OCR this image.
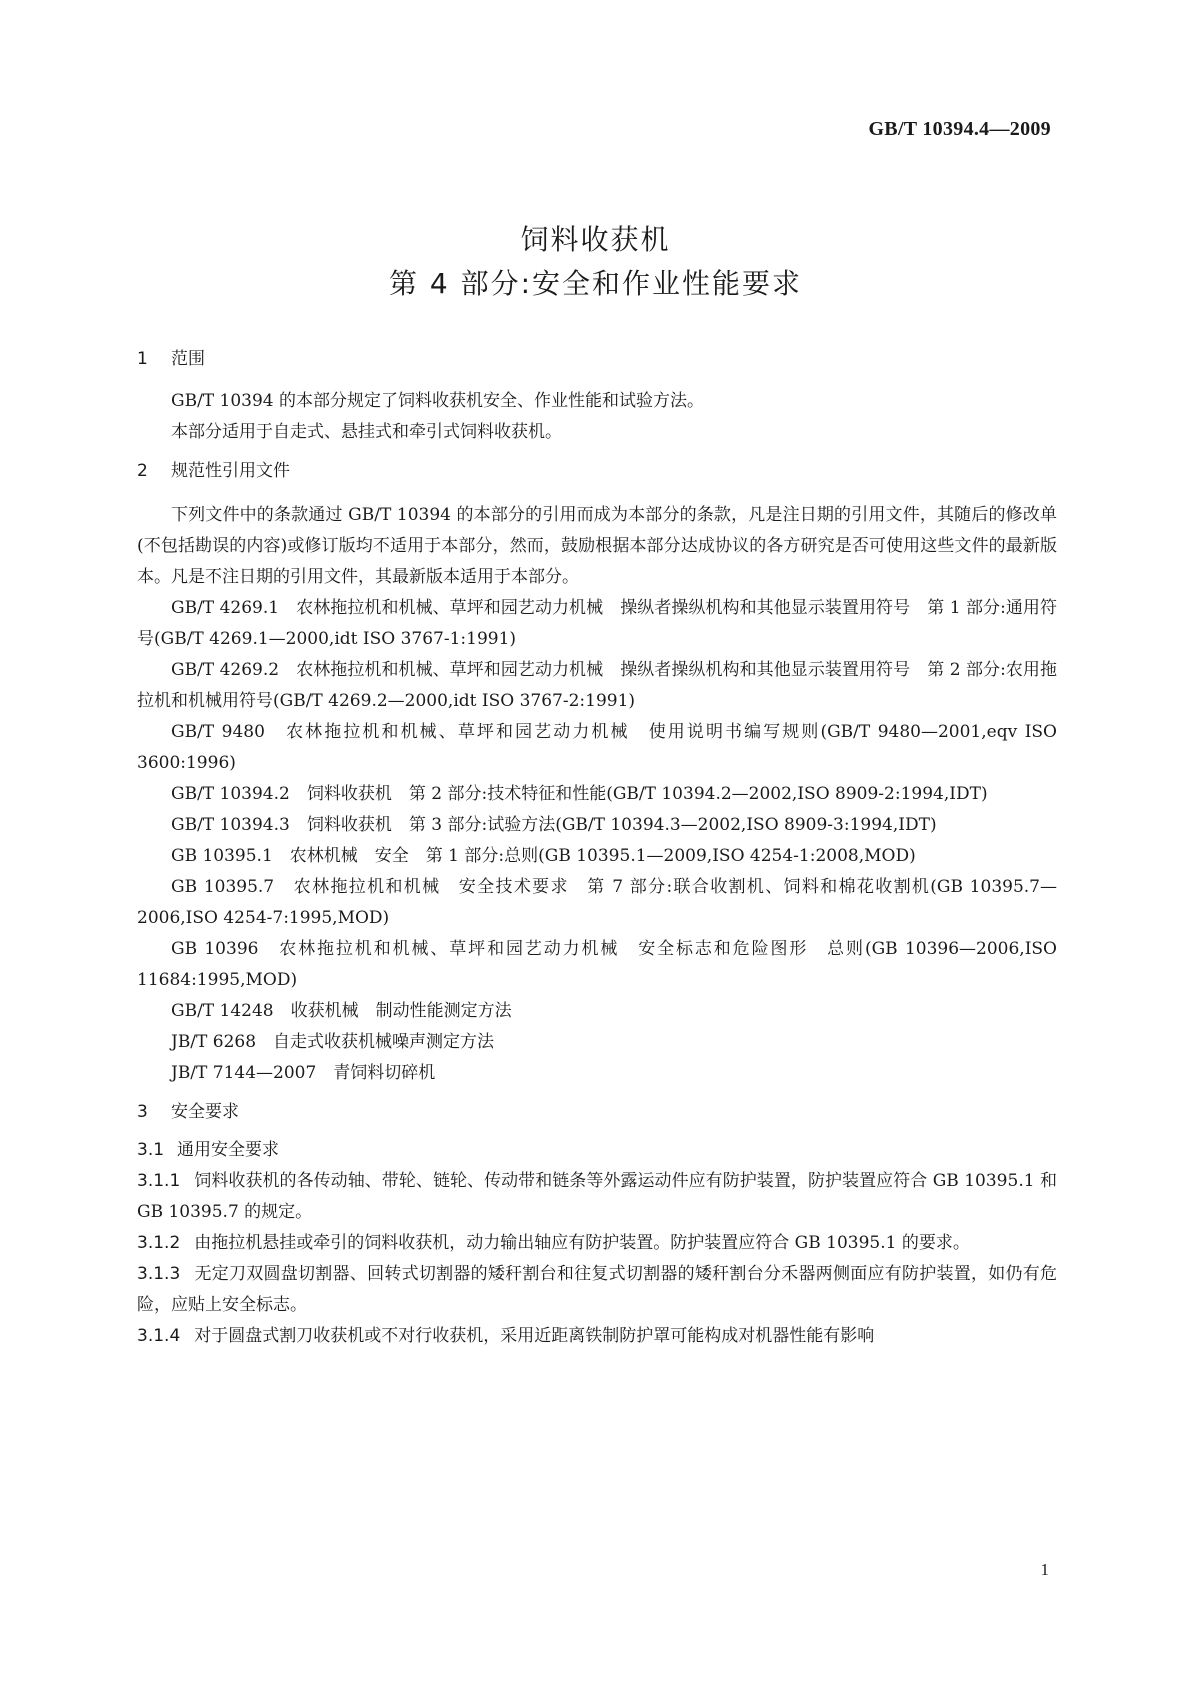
GB/T 10394.4—2009
饲料收获机
第 4 部分:安全和作业性能要求
1 范围

GB/T 10394 的本部分规定了饲料收获机安全、作业性能和试验方法。

本部分适用于自走式、悬挂式和牵引式饲料收获机。

2 规范性引用文件

下列文件中的条款通过 GB/T 10394 的本部分的引用而成为本部分的条款，凡是注日期的引用文件，其随后的修改单(不包括勘误的内容)或修订版均不适用于本部分，然而，鼓励根据本部分达成协议的各方研究是否可使用这些文件的最新版本。凡是不注日期的引用文件，其最新版本适用于本部分。

GB/T 4269.1　农林拖拉机和机械、草坪和园艺动力机械　操纵者操纵机构和其他显示装置用符号　第 1 部分:通用符号(GB/T 4269.1—2000,idt ISO 3767-1:1991)

GB/T 4269.2　农林拖拉机和机械、草坪和园艺动力机械　操纵者操纵机构和其他显示装置用符号　第 2 部分:农用拖拉机和机械用符号(GB/T 4269.2—2000,idt ISO 3767-2:1991)

GB/T 9480　农林拖拉机和机械、草坪和园艺动力机械　使用说明书编写规则(GB/T 9480—2001,eqv ISO 3600:1996)

GB/T 10394.2　饲料收获机　第 2 部分:技术特征和性能(GB/T 10394.2—2002,ISO 8909-2:1994,IDT)

GB/T 10394.3　饲料收获机　第 3 部分:试验方法(GB/T 10394.3—2002,ISO 8909-3:1994,IDT)

GB 10395.1　农林机械　安全　第 1 部分:总则(GB 10395.1—2009,ISO 4254-1:2008,MOD)

GB 10395.7　农林拖拉机和机械　安全技术要求　第 7 部分:联合收割机、饲料和棉花收割机(GB 10395.7—2006,ISO 4254-7:1995,MOD)

GB 10396　农林拖拉机和机械、草坪和园艺动力机械　安全标志和危险图形　总则(GB 10396—2006,ISO 11684:1995,MOD)

GB/T 14248　收获机械　制动性能测定方法

JB/T 6268　自走式收获机械噪声测定方法

JB/T 7144—2007　青饲料切碎机

3 安全要求
3.1 通用安全要求

3.1.1 饲料收获机的各传动轴、带轮、链轮、传动带和链条等外露运动件应有防护装置，防护装置应符合 GB 10395.1 和 GB 10395.7 的规定。

3.1.2 由拖拉机悬挂或牵引的饲料收获机，动力输出轴应有防护装置。防护装置应符合 GB 10395.1 的要求。

3.1.3 无定刀双圆盘切割器、回转式切割器的矮秆割台和往复式切割器的矮秆割台分禾器两侧面应有防护装置，如仍有危险，应贴上安全标志。

3.1.4 对于圆盘式割刀收获机或不对行收获机，采用近距离铁制防护罩可能构成对机器性能有影响

1
